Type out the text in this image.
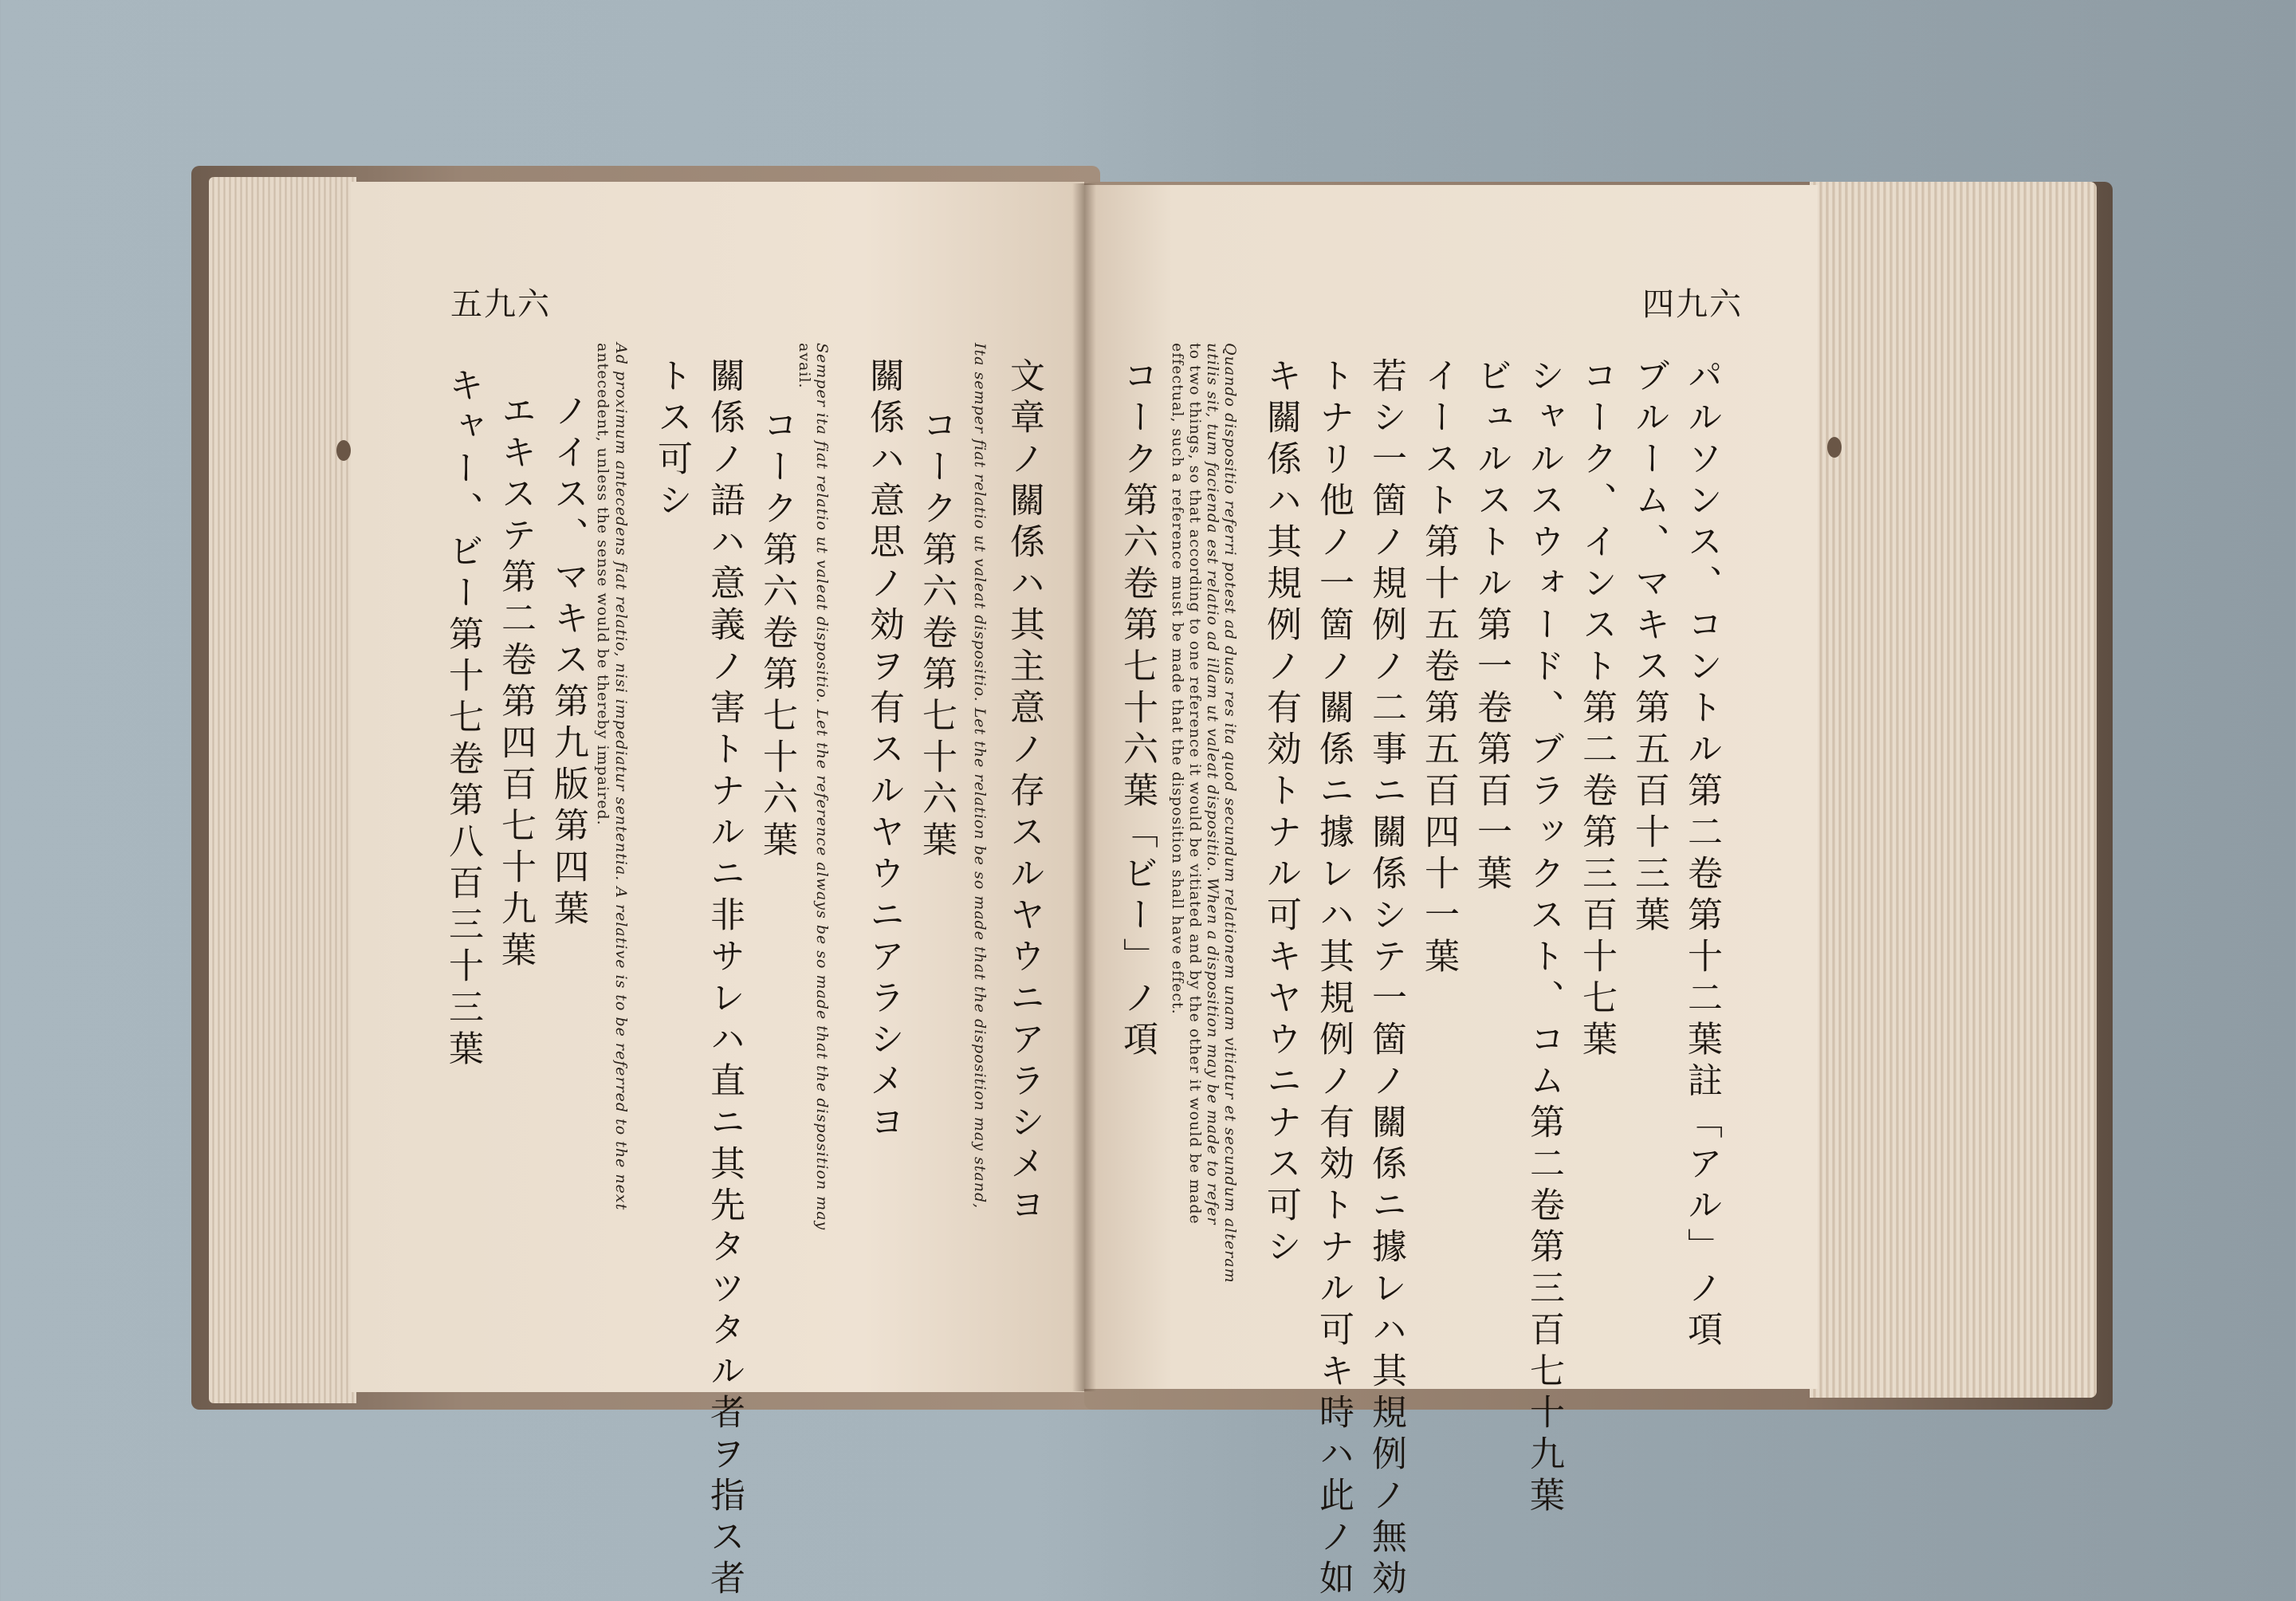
五九六	四九六

文章ノ關係ハ其主意ノ存スルヤウニアラシメヨ
Ita semper fiat relatio ut valeat dispositio. Let the relation be so made that the disposition may stand,
コーク第六卷第七十六葉
關係ハ意思ノ効ヲ有スルヤウニアラシメヨ
Semper ita fiat relatio ut valeat dispositio. Let the reference always be so made that the disposition may
avail.
コーク第六卷第七十六葉
關係ノ語ハ意義ノ害トナルニ非サレハ直ニ其先タツタル者ヲ指ス者
トス可シ
Ad proximum antecedens fiat relatio, nisi impediatur sententia. A relative is to be referred to the next
antecedent, unless the sense would be thereby impaired.
ノイス、マキス第九版第四葉
エキステ第二卷第四百七十九葉
キャー、ビー第十七卷第八百三十三葉	パルソンス、コントル第二卷第十二葉註「アル」ノ項
ブルーム、マキス第五百十三葉
コーク、インスト第二卷第三百十七葉
シャルスウォード、ブラックスト、コム第二卷第三百七十九葉
ビュルストル第一卷第百一葉
イースト第十五卷第五百四十一葉
若シ一箇ノ規例ノ二事ニ關係シテ一箇ノ關係ニ據レハ其規例ノ無効
トナリ他ノ一箇ノ關係ニ據レハ其規例ノ有効トナル可キ時ハ此ノ如
キ關係ハ其規例ノ有効トナル可キヤウニナス可シ
Quando dispositio referri potest ad duas res ita quod secundum relationem unam vitiatur et secundum alteram
utilis sit, tum facienda est relatio ad illam ut valeat dispositio. When a disposition may be made to refer
to two things, so that according to one reference it would be vitiated and by the other it would be made
effectual, such a reference must be made that the disposition shall have effect.
コーク第六卷第七十六葉「ビー」ノ項
